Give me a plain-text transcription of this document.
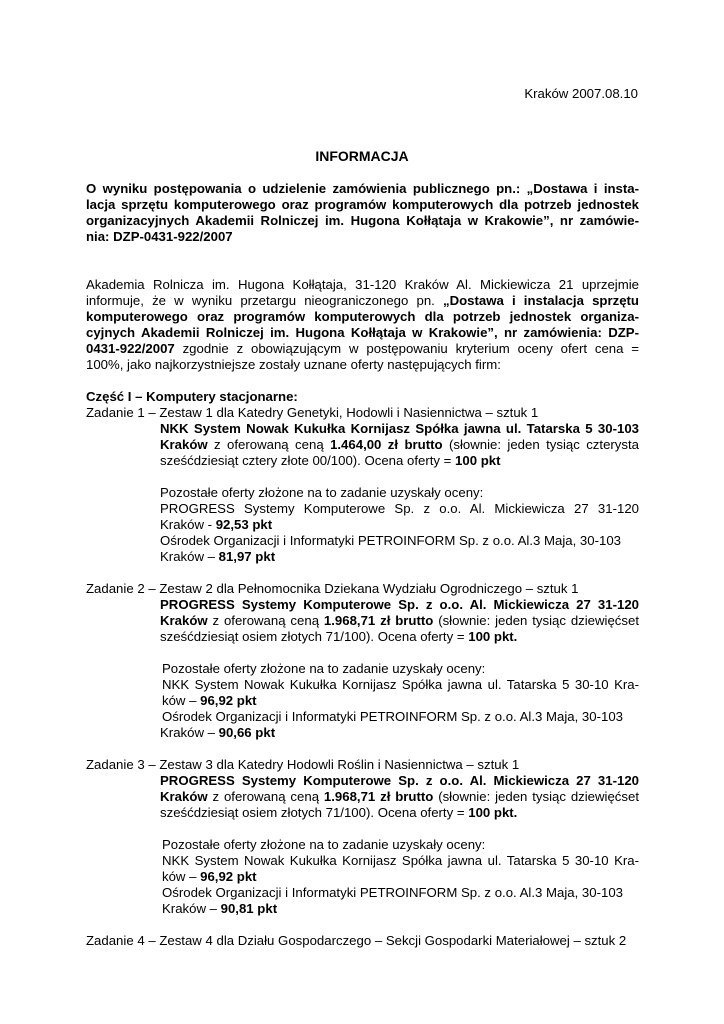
Kraków 2007.08.10
INFORMACJA
O wyniku postępowania o udzielenie zamówienia publicznego pn.: „Dostawa i insta-
lacja sprzętu komputerowego oraz programów komputerowych dla potrzeb jednostek
organizacyjnych Akademii Rolniczej im. Hugona Kołłątaja w Krakowie”, nr zamówie-
nia: DZP-0431-922/2007
Akademia Rolnicza im. Hugona Kołłątaja, 31-120 Kraków Al. Mickiewicza 21 uprzejmie
informuje, że w wyniku przetargu nieograniczonego pn. „Dostawa i instalacja sprzętu
komputerowego oraz programów komputerowych dla potrzeb jednostek organiza-
cyjnych Akademii Rolniczej im. Hugona Kołłątaja w Krakowie”, nr zamówienia: DZP-
0431-922/2007 zgodnie z obowiązującym w postępowaniu kryterium oceny ofert cena =
100%, jako najkorzystniejsze zostały uznane oferty następujących firm:
Część I – Komputery stacjonarne:
Zadanie 1 – Zestaw 1 dla Katedry Genetyki, Hodowli i Nasiennictwa – sztuk 1
NKK System Nowak Kukułka Kornijasz Spółka jawna ul. Tatarska 5 30-103
Kraków z oferowaną ceną 1.464,00 zł brutto (słownie: jeden tysiąc czterysta
sześćdziesiąt cztery złote 00/100). Ocena oferty = 100 pkt
Pozostałe oferty złożone na to zadanie uzyskały oceny:
PROGRESS Systemy Komputerowe Sp. z o.o. Al. Mickiewicza 27 31-120
Kraków - 92,53 pkt
Ośrodek Organizacji i Informatyki PETROINFORM Sp. z o.o. Al.3 Maja, 30-103
Kraków – 81,97 pkt
Zadanie 2 – Zestaw 2 dla Pełnomocnika Dziekana Wydziału Ogrodniczego – sztuk 1
PROGRESS Systemy Komputerowe Sp. z o.o. Al. Mickiewicza 27 31-120
Kraków z oferowaną ceną 1.968,71 zł brutto (słownie: jeden tysiąc dziewięćset
sześćdziesiąt osiem złotych 71/100). Ocena oferty = 100 pkt.
Pozostałe oferty złożone na to zadanie uzyskały oceny:
NKK System Nowak Kukułka Kornijasz Spółka jawna ul. Tatarska 5 30-10 Kra-
ków – 96,92 pkt
Ośrodek Organizacji i Informatyki PETROINFORM Sp. z o.o. Al.3 Maja, 30-103
Kraków – 90,66 pkt
Zadanie 3 – Zestaw 3 dla Katedry Hodowli Roślin i Nasiennictwa – sztuk 1
PROGRESS Systemy Komputerowe Sp. z o.o. Al. Mickiewicza 27 31-120
Kraków z oferowaną ceną 1.968,71 zł brutto (słownie: jeden tysiąc dziewięćset
sześćdziesiąt osiem złotych 71/100). Ocena oferty = 100 pkt.
Pozostałe oferty złożone na to zadanie uzyskały oceny:
NKK System Nowak Kukułka Kornijasz Spółka jawna ul. Tatarska 5 30-10 Kra-
ków – 96,92 pkt
Ośrodek Organizacji i Informatyki PETROINFORM Sp. z o.o. Al.3 Maja, 30-103
Kraków – 90,81 pkt
Zadanie 4 – Zestaw 4 dla Działu Gospodarczego – Sekcji Gospodarki Materiałowej – sztuk 2
